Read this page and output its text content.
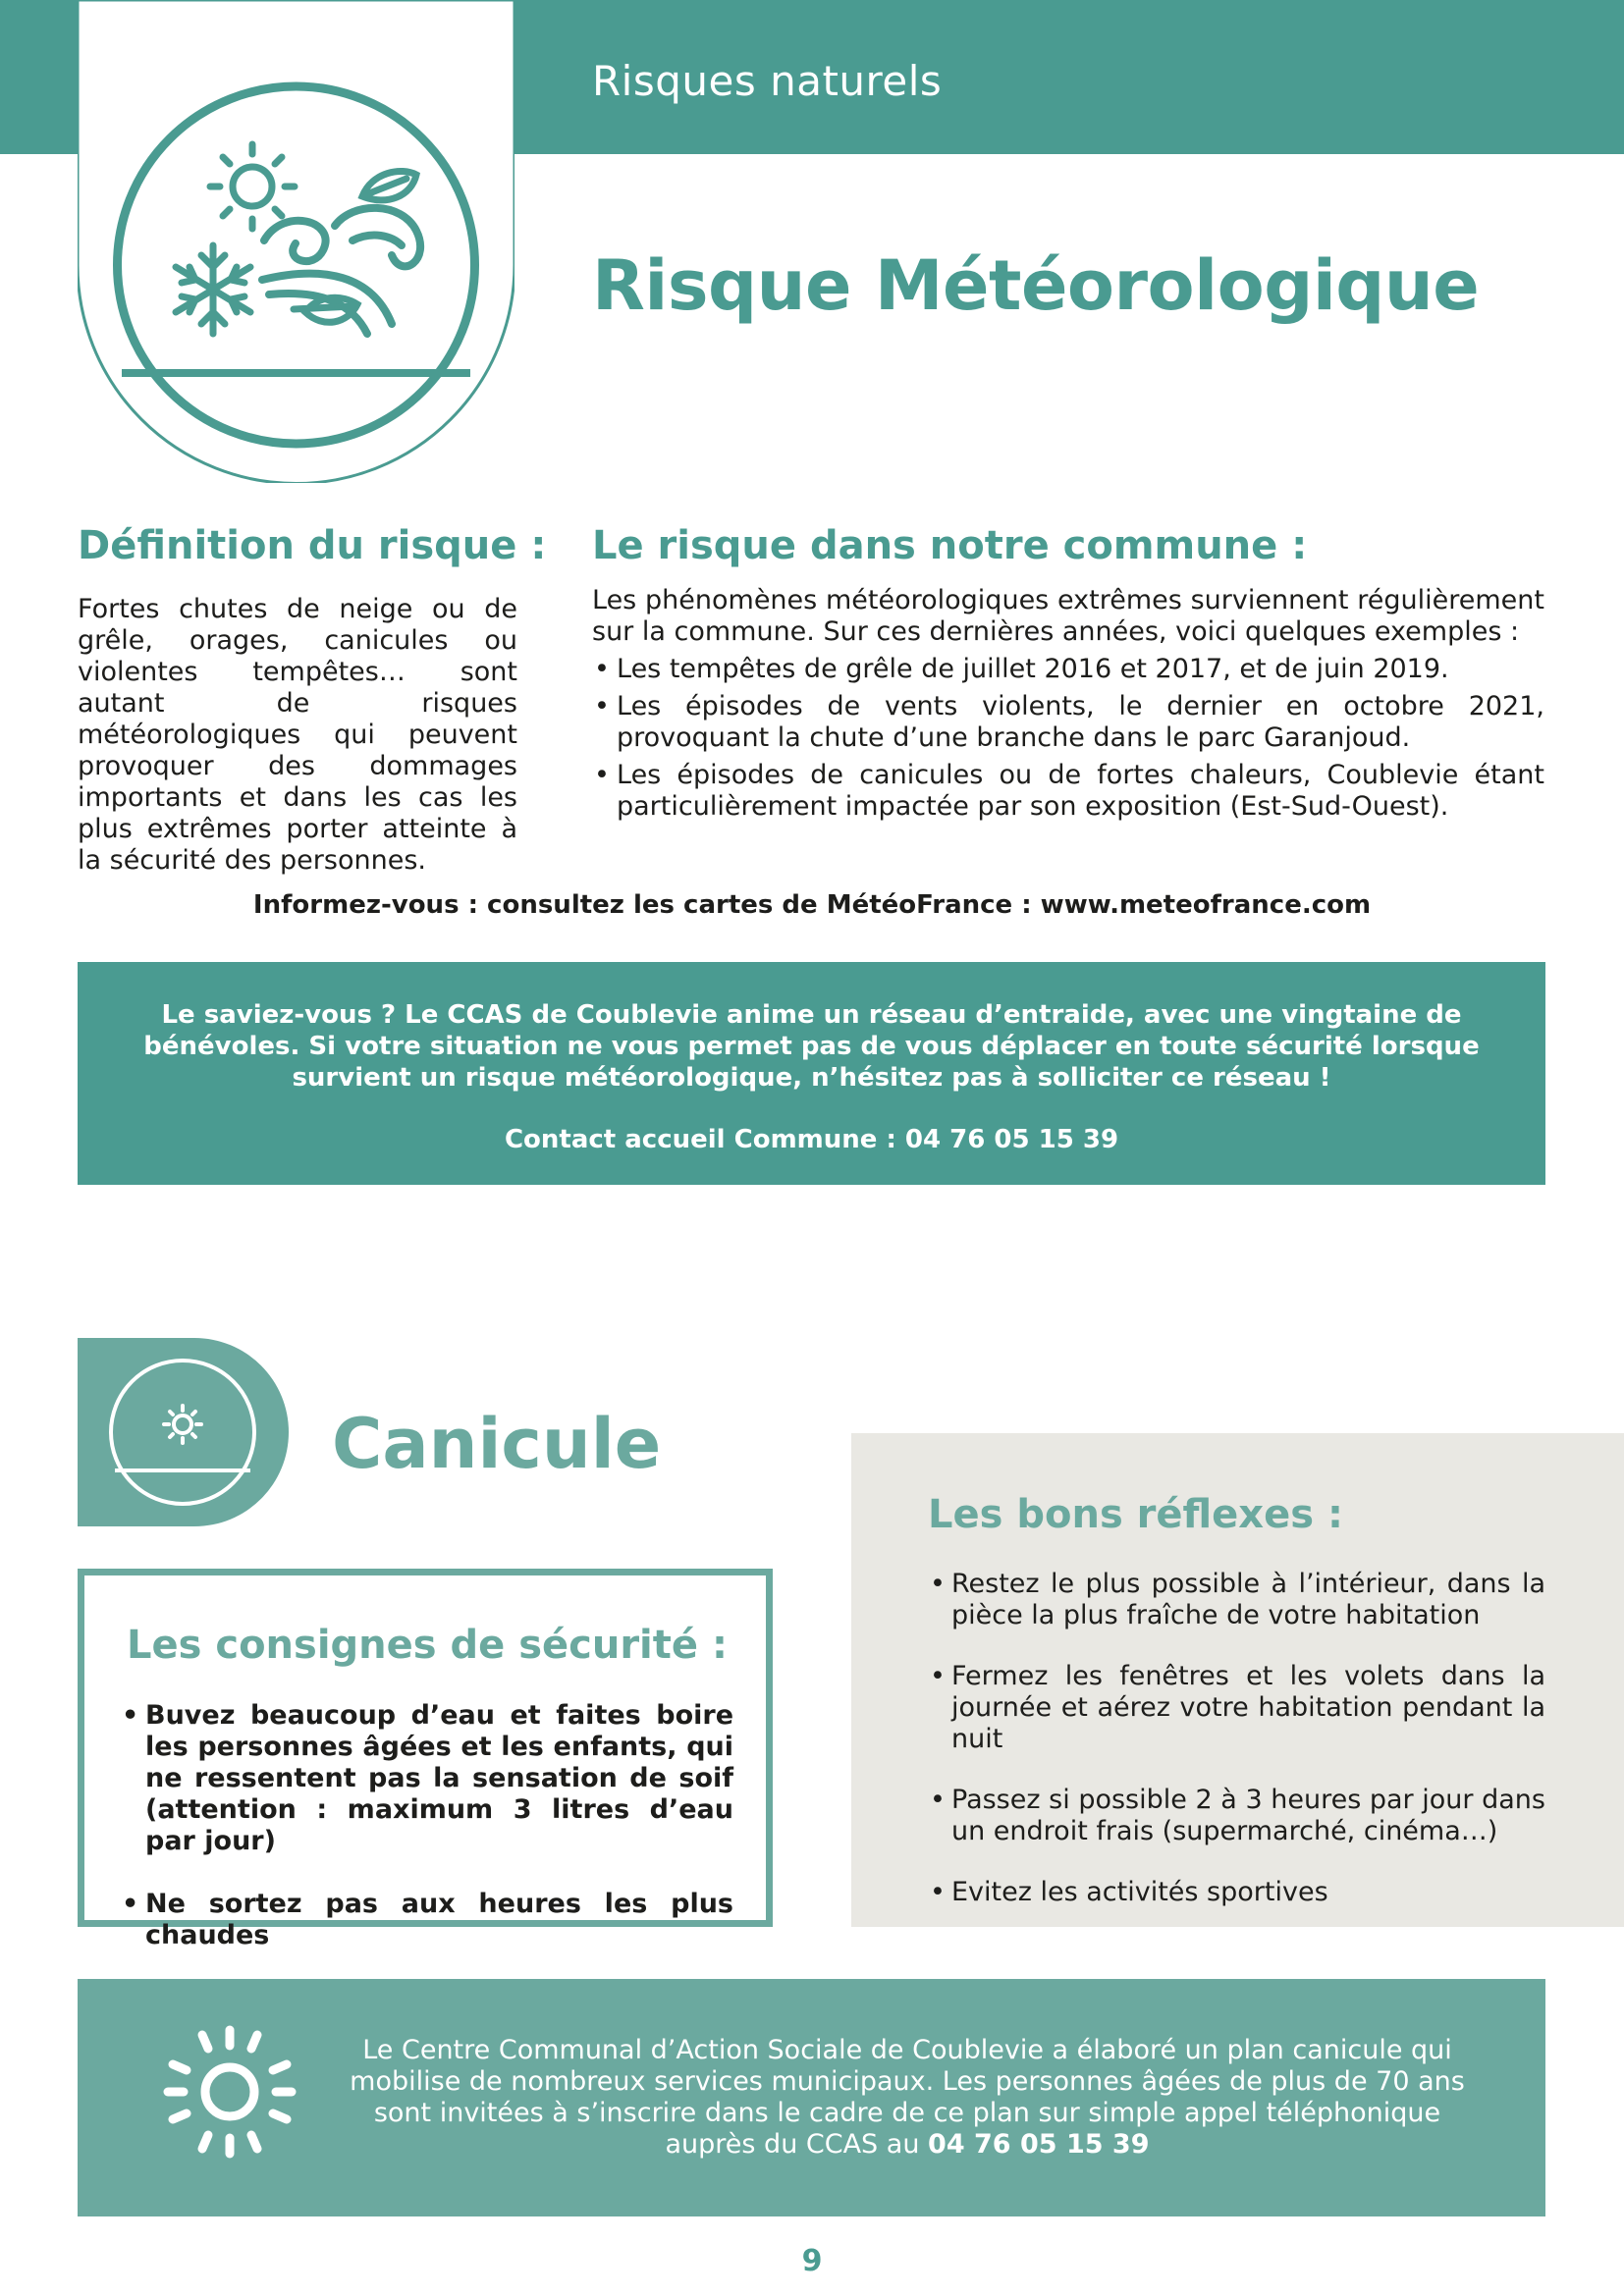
Risques naturels
Risque Météorologique
Définition du risque :

Fortes chutes de neige ou de grêle, orages, canicules ou violentes tempêtes… sont autant de risques météorologiques qui peuvent provoquer des dommages importants et dans les cas les plus extrêmes porter atteinte à la sécurité des personnes.

Le risque dans notre commune :

Les phénomènes météorologiques extrêmes surviennent régulièrement sur la commune. Sur ces dernières années, voici quelques exemples :

• Les tempêtes de grêle de juillet 2016 et 2017, et de juin 2019.
• Les épisodes de vents violents, le dernier en octobre 2021, provoquant la chute d’une branche dans le parc Garanjoud.
• Les épisodes de canicules ou de fortes chaleurs, Coublevie étant particulièrement impactée par son exposition (Est-Sud-Ouest).
Informez-vous : consultez les cartes de MétéoFrance : www.meteofrance.com
Le saviez-vous ? Le CCAS de Coublevie anime un réseau d’entraide, avec une vingtaine de
bénévoles. Si votre situation ne vous permet pas de vous déplacer en toute sécurité lorsque
survient un risque météorologique, n’hésitez pas à solliciter ce réseau !
Contact accueil Commune : 04 76 05 15 39
Canicule
Les consignes de sécurité :
• Buvez beaucoup d’eau et faites boire les personnes âgées et les enfants, qui ne ressentent pas la sensation de soif (attention : maximum 3 litres d’eau par jour)
• Ne sortez pas aux heures les plus chaudes
Les bons réflexes :
• Restez le plus possible à l’intérieur, dans la pièce la plus fraîche de votre habitation
• Fermez les fenêtres et les volets dans la journée et aérez votre habitation pendant la nuit
• Passez si possible 2 à 3 heures par jour dans un endroit frais (supermarché, cinéma…)
• Evitez les activités sportives
Le Centre Communal d’Action Sociale de Coublevie a élaboré un plan canicule qui
mobilise de nombreux services municipaux. Les personnes âgées de plus de 70 ans
sont invitées à s’inscrire dans le cadre de ce plan sur simple appel téléphonique
auprès du CCAS au 04 76 05 15 39
9
